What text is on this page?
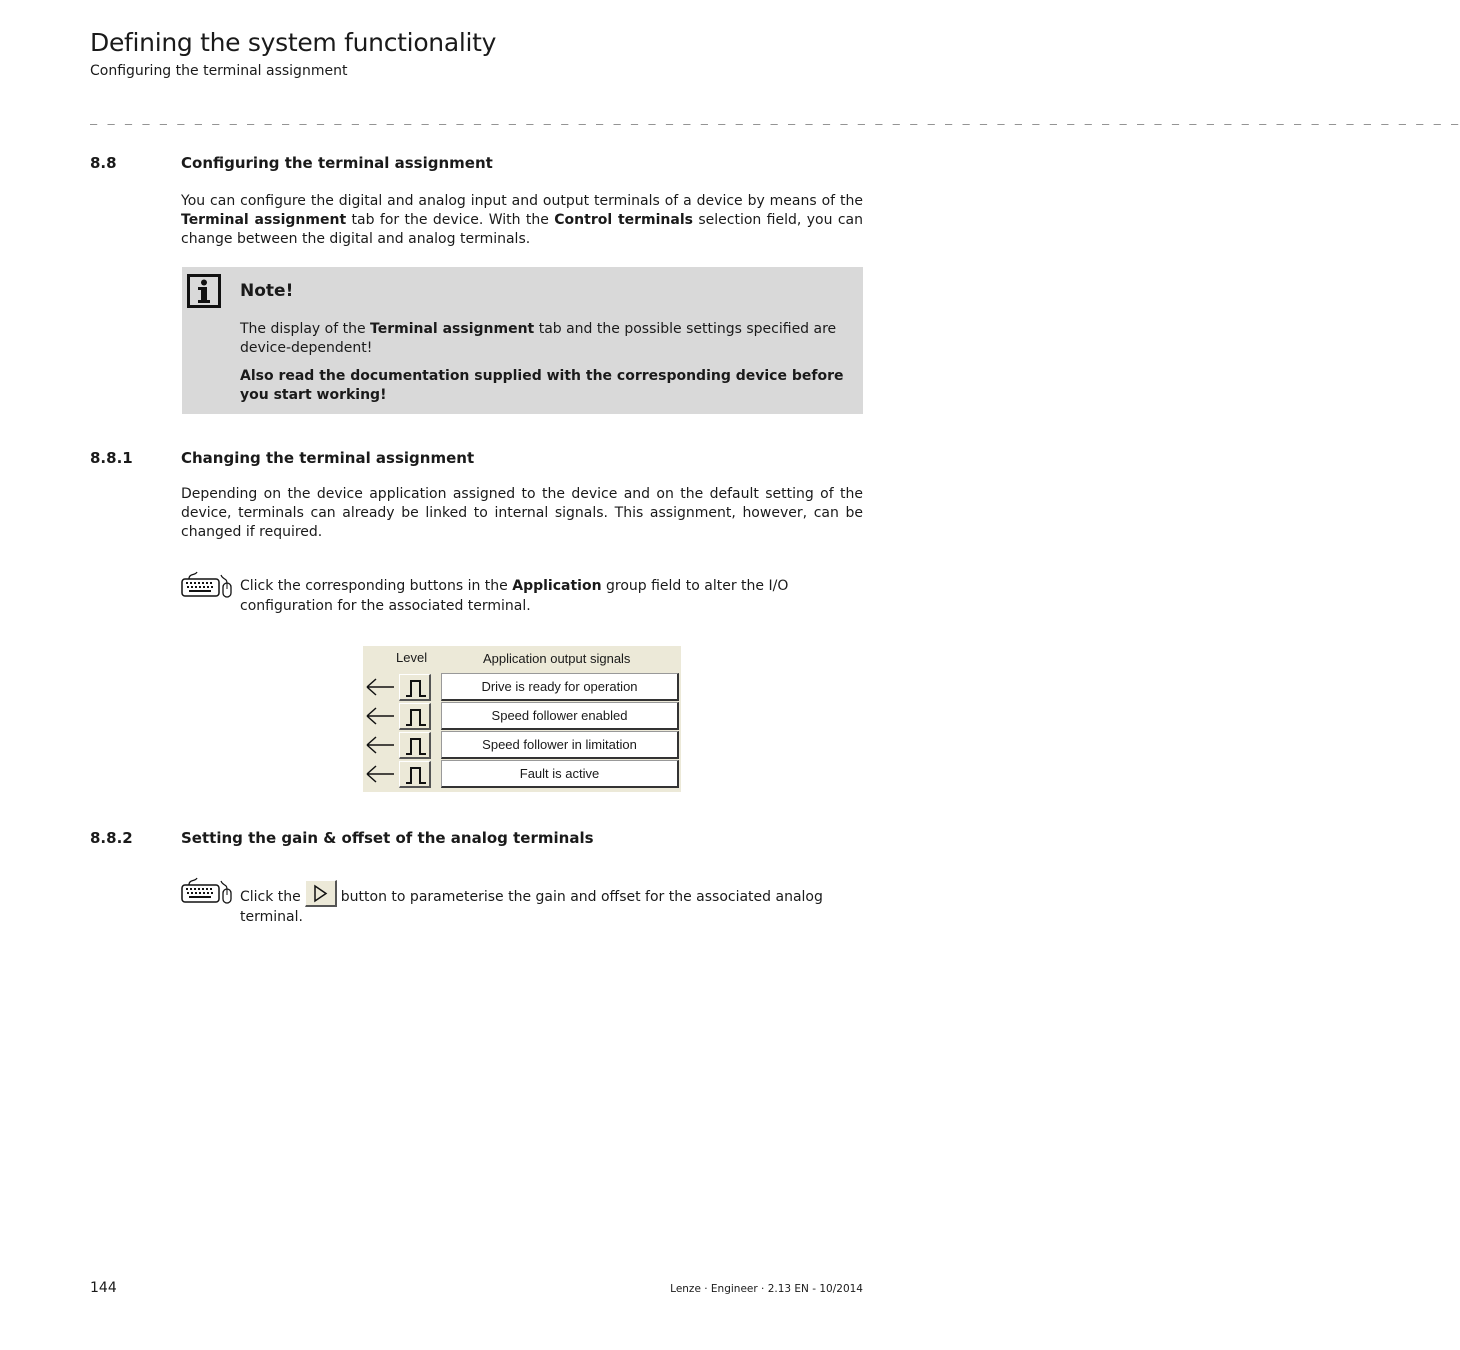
Defining the system functionality
Configuring the terminal assignment
_ _ _ _ _ _ _ _ _ _ _ _ _ _ _ _ _ _ _ _ _ _ _ _ _ _ _ _ _ _ _ _ _ _ _ _ _ _ _ _ _ _ _ _ _ _ _ _ _ _ _ _ _ _ _ _ _ _ _ _ _ _ _ _ _ _ _ _ _ _ _ _ _ _ _ _ _ _ _
8.8	Configuring the terminal assignment
You can configure the digital and analog input and output terminals of a device by means of the Terminal assignment tab for the device. With the Control terminals selection field, you can change between the digital and analog terminals.
Note!
The display of the Terminal assignment tab and the possible settings specified are device-dependent!
Also read the documentation supplied with the corresponding device before you start working!
8.8.1	Changing the terminal assignment
Depending on the device application assigned to the device and on the default setting of the device, terminals can already be linked to internal signals. This assignment, however, can be changed if required.
Click the corresponding buttons in the Application group field to alter the I/O configuration for the associated terminal.
Level	Application output signals
Drive is ready for operation
Speed follower enabled
Speed follower in limitation
Fault is active
8.8.2	Setting the gain & offset of the analog terminals
Click the	button to parameterise the gain and offset for the associated analog terminal.
144	Lenze · Engineer · 2.13 EN - 10/2014
